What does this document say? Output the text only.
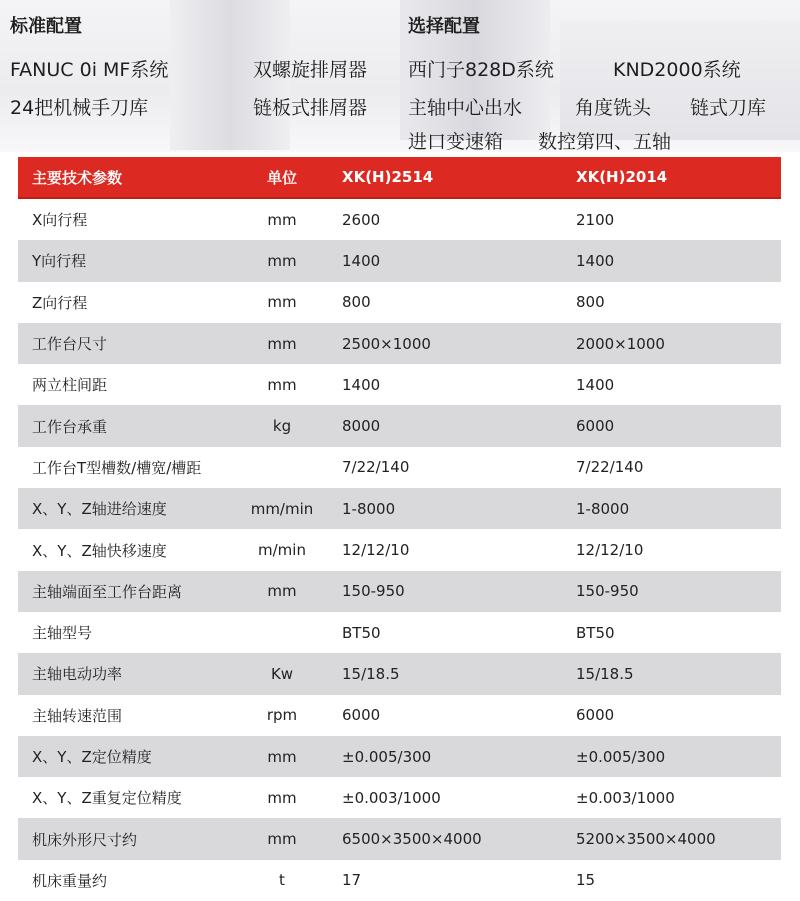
标准配置
FANUC 0i MF系统
24把机械手刀库
双螺旋排屑器
链板式排屑器
选择配置
西门子828D系统	KND2000系统
主轴中心出水	角度铣头 链式刀库
进口变速箱 数控第四、五轴
主要技术参数	单位	XK(H)2514	XK(H)2014
X向行程	mm	2600	2100
Y向行程	mm	1400	1400
Z向行程	mm	800	800
工作台尺寸	mm	2500×1000	2000×1000
两立柱间距	mm	1400	1400
工作台承重	kg	8000	6000
工作台T型槽数/槽宽/槽距		7/22/140	7/22/140
X、Y、Z轴进给速度	mm/min	1-8000	1-8000
X、Y、Z轴快移速度	m/min	12/12/10	12/12/10
主轴端面至工作台距离	mm	150-950	150-950
主轴型号		BT50	BT50
主轴电动功率	Kw	15/18.5	15/18.5
主轴转速范围	rpm	6000	6000
X、Y、Z定位精度	mm	±0.005/300	±0.005/300
X、Y、Z重复定位精度	mm	±0.003/1000	±0.003/1000
机床外形尺寸约	mm	6500×3500×4000	5200×3500×4000
机床重量约	t	17	15
